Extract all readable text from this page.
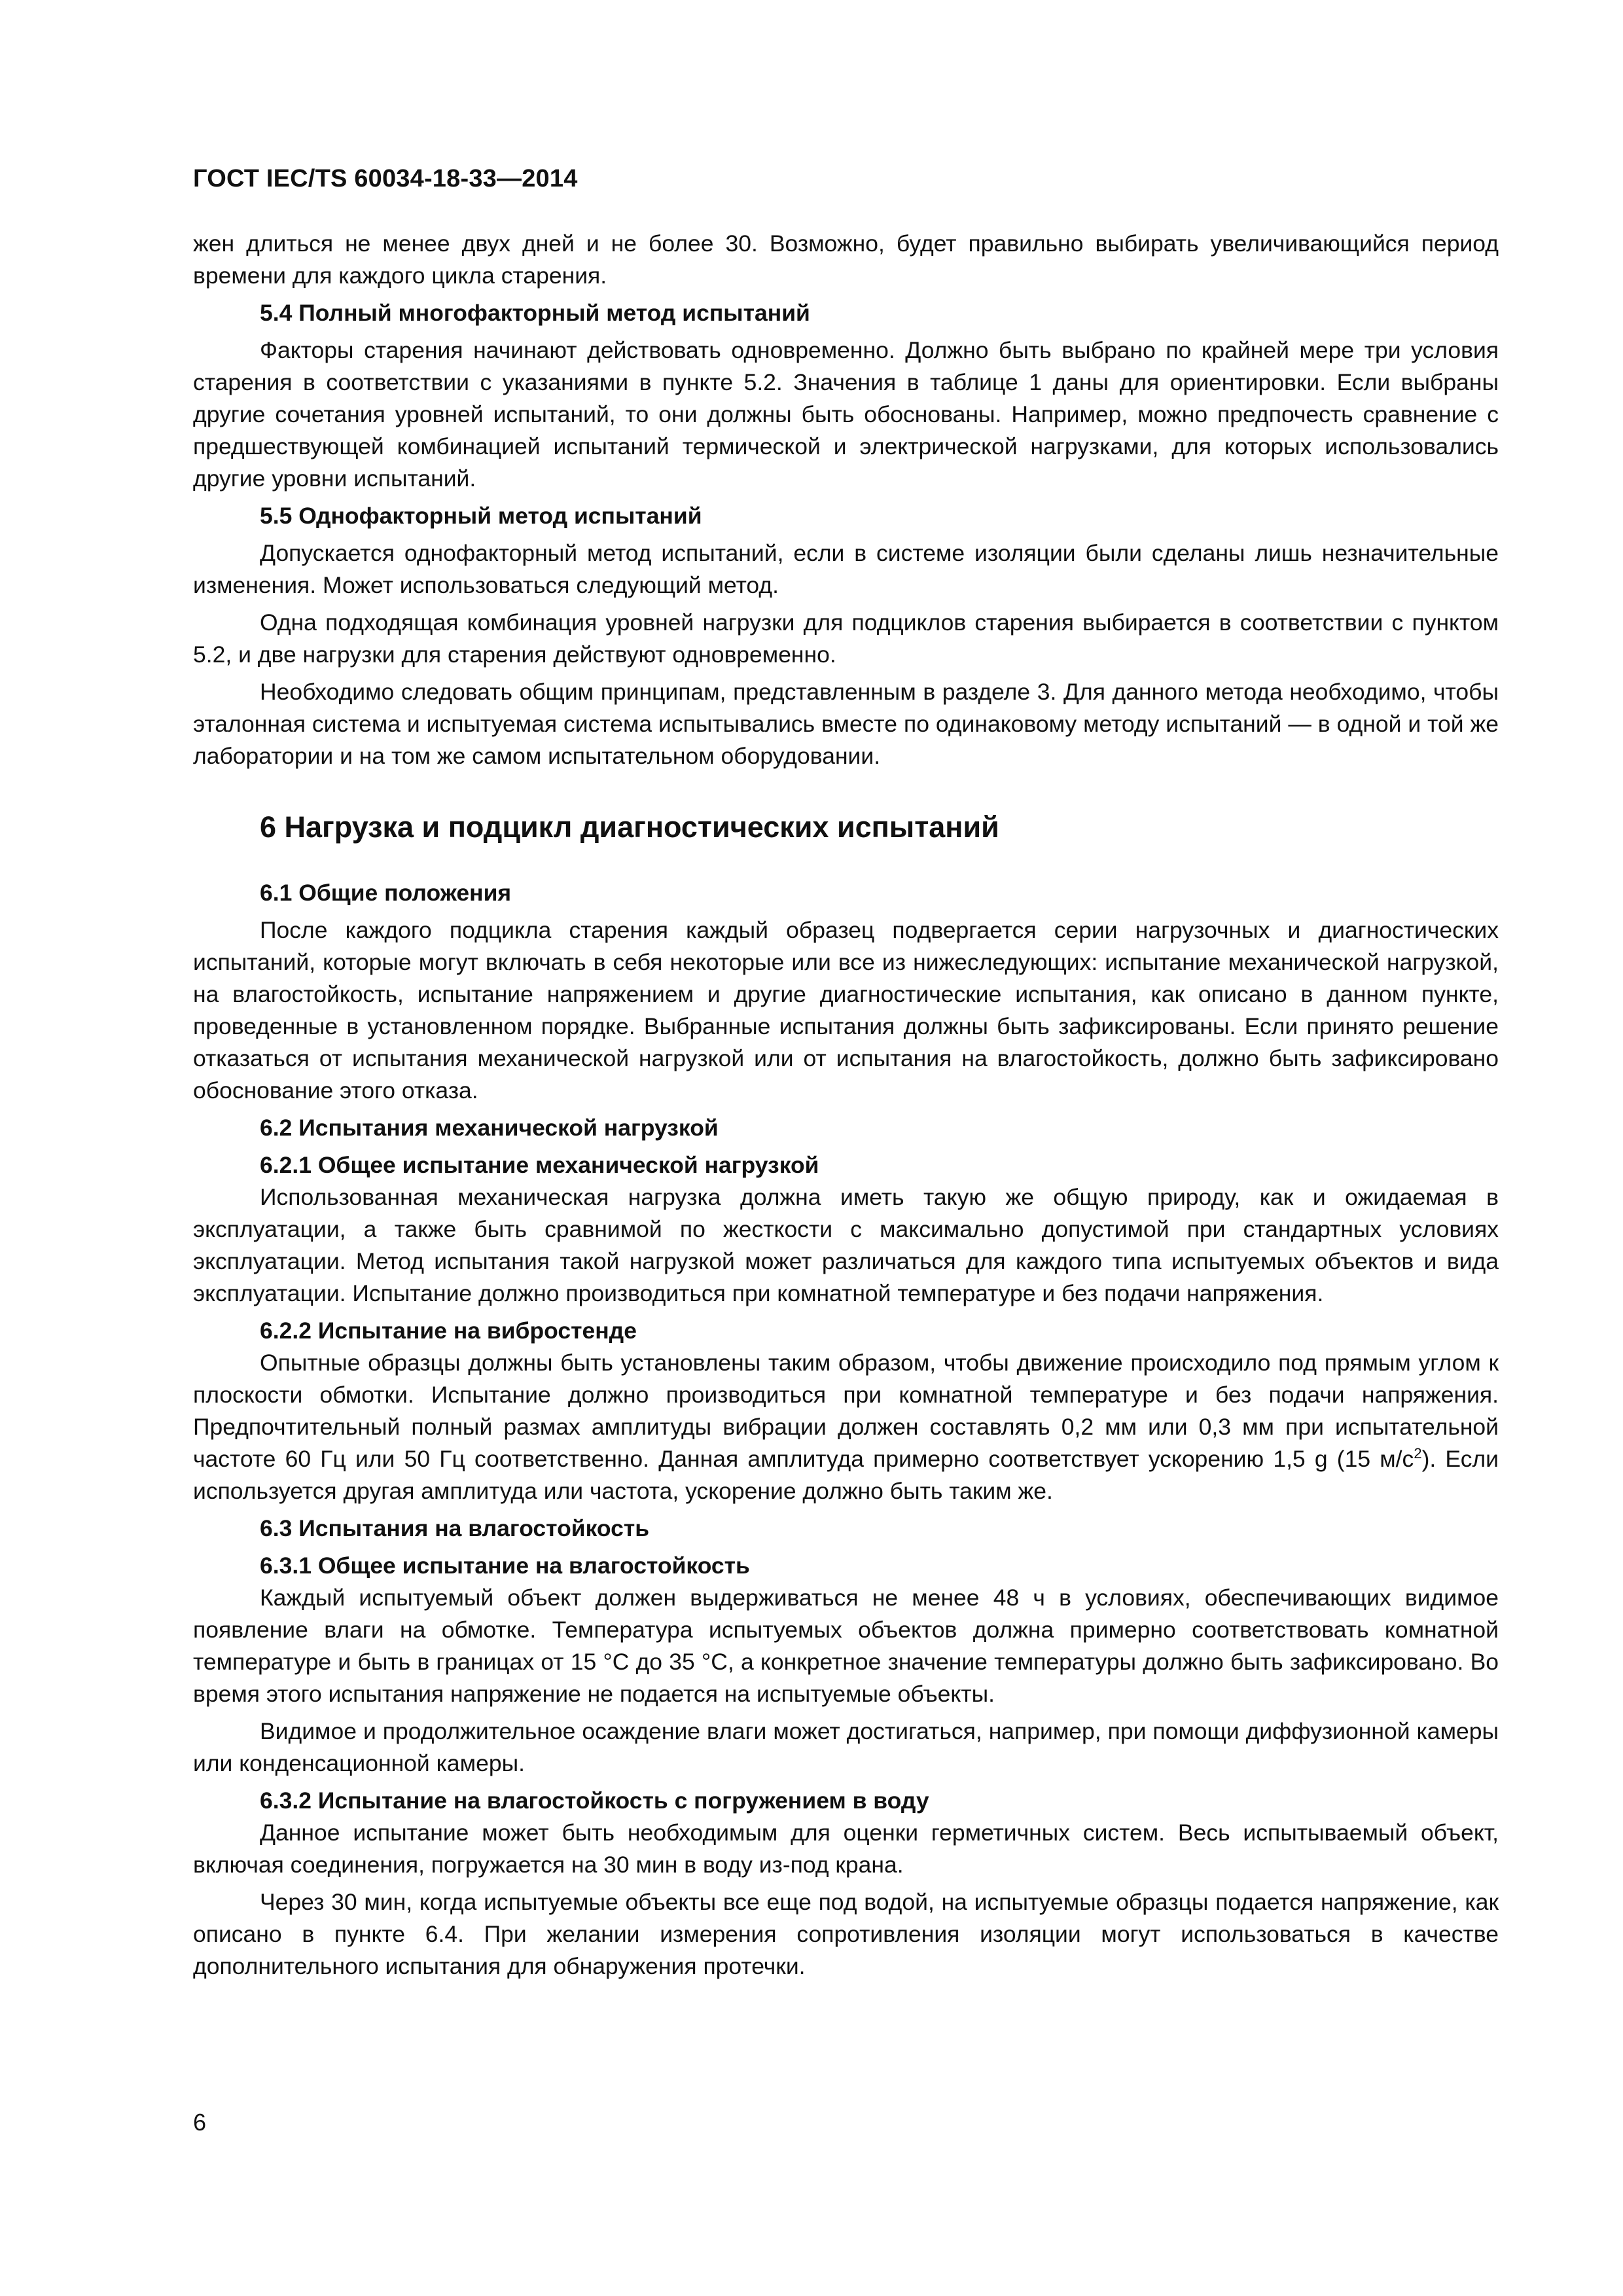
ГОСТ IEC/TS 60034-18-33—2014

жен длиться не менее двух дней и не более 30. Возможно, будет правильно выбирать увеличивающийся период времени для каждого цикла старения.

5.4 Полный многофакторный метод испытаний

Факторы старения начинают действовать одновременно. Должно быть выбрано по крайней мере три условия старения в соответствии с указаниями в пункте 5.2. Значения в таблице 1 даны для ориентировки. Если выбраны другие сочетания уровней испытаний, то они должны быть обоснованы. Например, можно предпочесть сравнение с предшествующей комбинацией испытаний термической и электрической нагрузками, для которых использовались другие уровни испытаний.

5.5 Однофакторный метод испытаний

Допускается однофакторный метод испытаний, если в системе изоляции были сделаны лишь незначительные изменения. Может использоваться следующий метод.

Одна подходящая комбинация уровней нагрузки для подциклов старения выбирается в соответствии с пунктом 5.2, и две нагрузки для старения действуют одновременно.

Необходимо следовать общим принципам, представленным в разделе 3. Для данного метода необходимо, чтобы эталонная система и испытуемая система испытывались вместе по одинаковому методу испытаний — в одной и той же лаборатории и на том же самом испытательном оборудовании.

6 Нагрузка и подцикл диагностических испытаний
6.1 Общие положения

После каждого подцикла старения каждый образец подвергается серии нагрузочных и диагностических испытаний, которые могут включать в себя некоторые или все из нижеследующих: испытание механической нагрузкой, на влагостойкость, испытание напряжением и другие диагностические испытания, как описано в данном пункте, проведенные в установленном порядке. Выбранные испытания должны быть зафиксированы. Если принято решение отказаться от испытания механической нагрузкой или от испытания на влагостойкость, должно быть зафиксировано обоснование этого отказа.

6.2 Испытания механической нагрузкой
6.2.1 Общее испытание механической нагрузкой

Использованная механическая нагрузка должна иметь такую же общую природу, как и ожидаемая в эксплуатации, а также быть сравнимой по жесткости с максимально допустимой при стандартных условиях эксплуатации. Метод испытания такой нагрузкой может различаться для каждого типа испытуемых объектов и вида эксплуатации. Испытание должно производиться при комнатной температуре и без подачи напряжения.

6.2.2 Испытание на вибростенде

Опытные образцы должны быть установлены таким образом, чтобы движение происходило под прямым углом к плоскости обмотки. Испытание должно производиться при комнатной температуре и без подачи напряжения. Предпочтительный полный размах амплитуды вибрации должен составлять 0,2 мм или 0,3 мм при испытательной частоте 60 Гц или 50 Гц соответственно. Данная амплитуда примерно соответствует ускорению 1,5 g (15 $м/с^2$). Если используется другая амплитуда или частота, ускорение должно быть таким же.

6.3 Испытания на влагостойкость
6.3.1 Общее испытание на влагостойкость

Каждый испытуемый объект должен выдерживаться не менее 48 ч в условиях, обеспечивающих видимое появление влаги на обмотке. Температура испытуемых объектов должна примерно соответствовать комнатной температуре и быть в границах от 15 °С до 35 °С, а конкретное значение температуры должно быть зафиксировано. Во время этого испытания напряжение не подается на испытуемые объекты.

Видимое и продолжительное осаждение влаги может достигаться, например, при помощи диффузионной камеры или конденсационной камеры.

6.3.2 Испытание на влагостойкость с погружением в воду

Данное испытание может быть необходимым для оценки герметичных систем. Весь испытываемый объект, включая соединения, погружается на 30 мин в воду из-под крана.

Через 30 мин, когда испытуемые объекты все еще под водой, на испытуемые образцы подается напряжение, как описано в пункте 6.4. При желании измерения сопротивления изоляции могут использоваться в качестве дополнительного испытания для обнаружения протечки.

6
